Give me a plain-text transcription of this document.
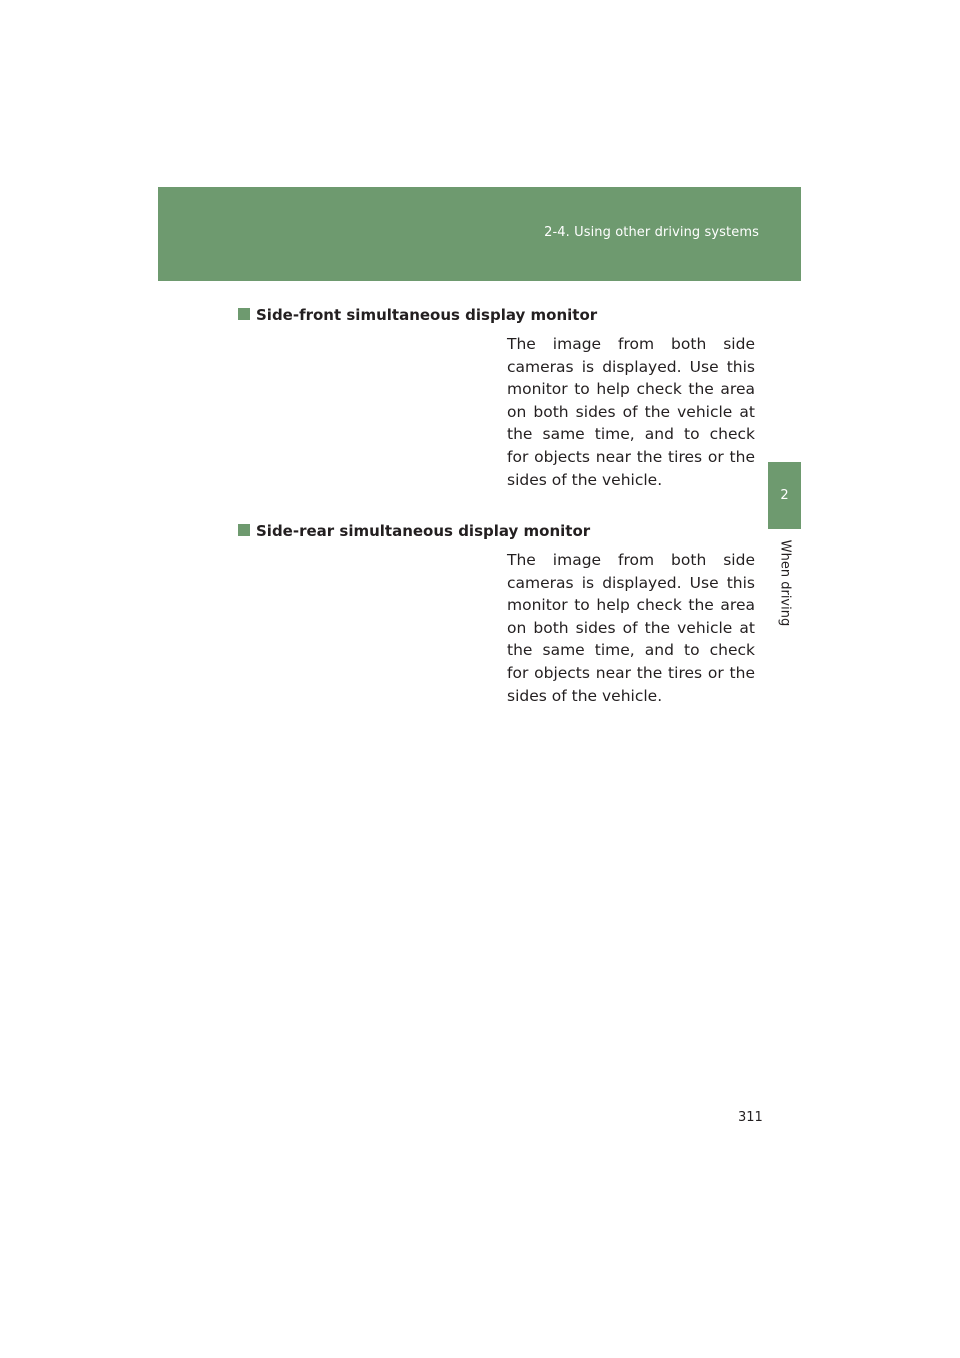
2-4. Using other driving systems
2
When driving
Side-front simultaneous display monitor
The image from both side cameras is displayed. Use this monitor to help check the area on both sides of the vehicle at the same time, and to check for objects near the tires or the sides of the vehicle.
Side-rear simultaneous display monitor
The image from both side cameras is displayed. Use this monitor to help check the area on both sides of the vehicle at the same time, and to check for objects near the tires or the sides of the vehicle.
311
